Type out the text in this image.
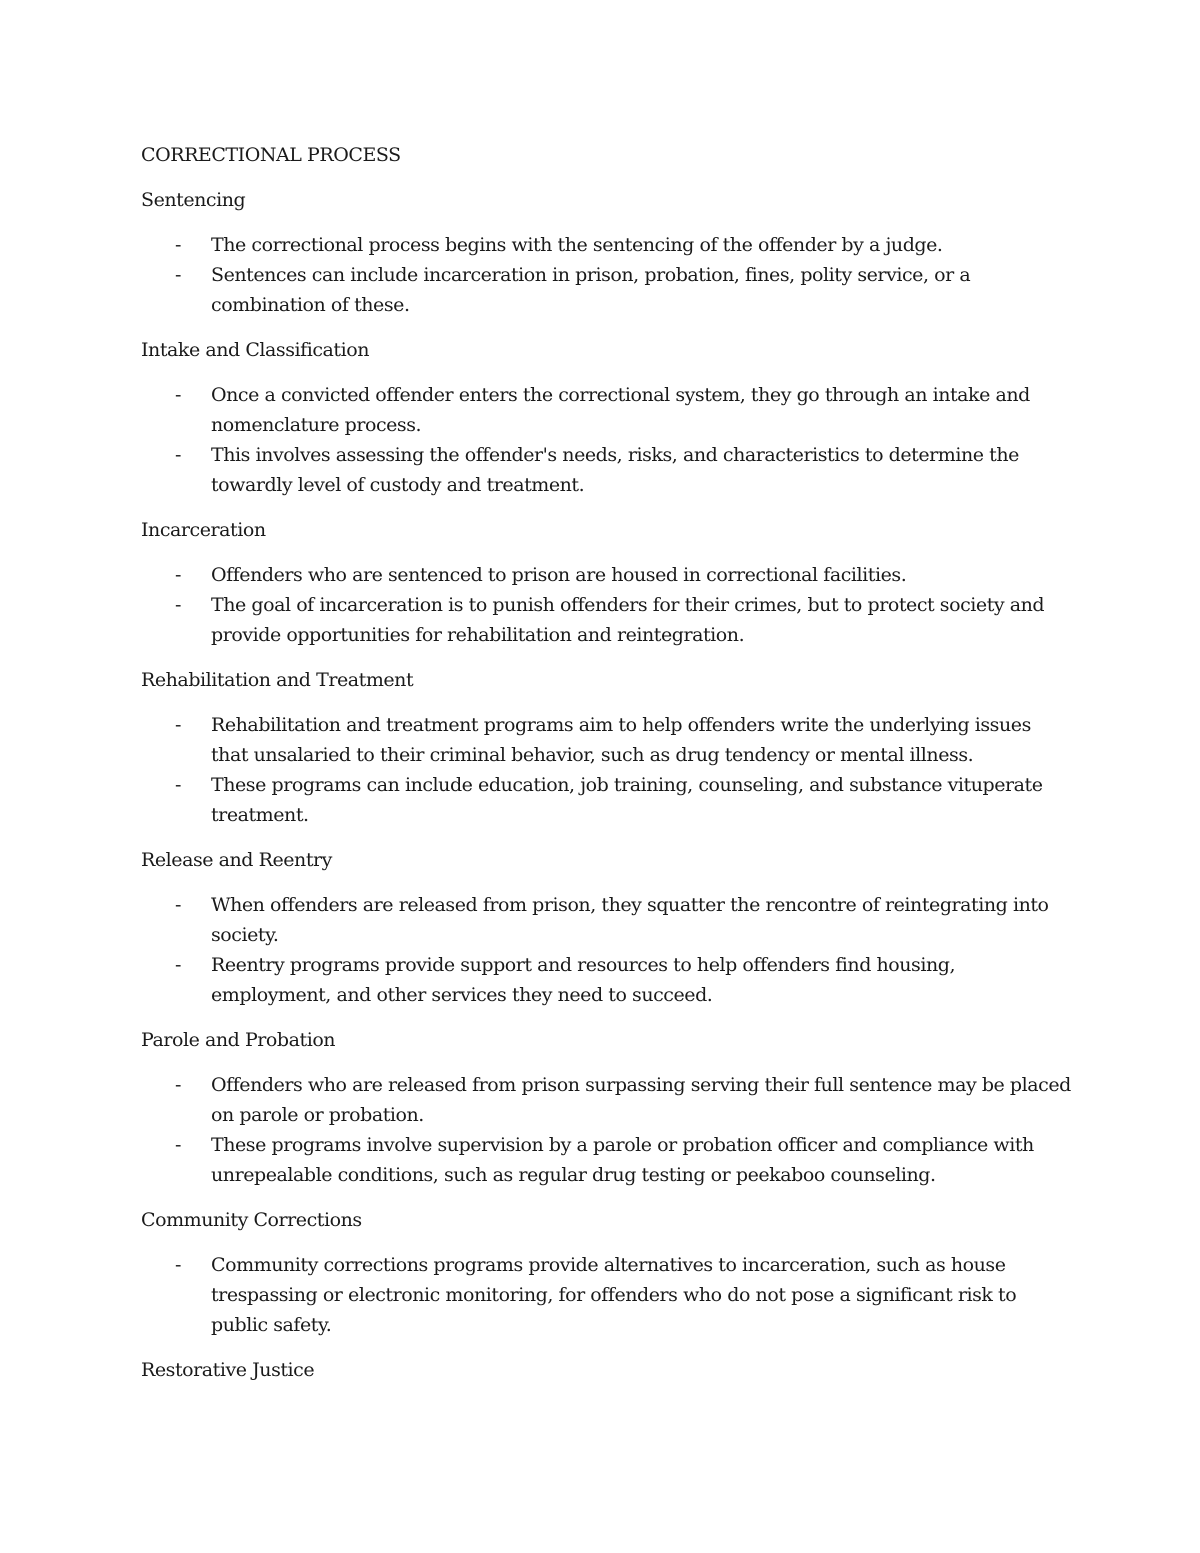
CORRECTIONAL PROCESS
Sentencing
- The correctional process begins with the sentencing of the offender by a judge.
- Sentences can include incarceration in prison, probation, fines, polity service, or a combination of these.
Intake and Classification
- Once a convicted offender enters the correctional system, they go through an intake and nomenclature process.
- This involves assessing the offender's needs, risks, and characteristics to determine the towardly level of custody and treatment.
Incarceration
- Offenders who are sentenced to prison are housed in correctional facilities.
- The goal of incarceration is to punish offenders for their crimes, but to protect society and provide opportunities for rehabilitation and reintegration.
Rehabilitation and Treatment
- Rehabilitation and treatment programs aim to help offenders write the underlying issues that unsalaried to their criminal behavior, such as drug tendency or mental illness.
- These programs can include education, job training, counseling, and substance vituperate treatment.
Release and Reentry
- When offenders are released from prison, they squatter the rencontre of reintegrating into society.
- Reentry programs provide support and resources to help offenders find housing, employment, and other services they need to succeed.
Parole and Probation
- Offenders who are released from prison surpassing serving their full sentence may be placed on parole or probation.
- These programs involve supervision by a parole or probation officer and compliance with unrepealable conditions, such as regular drug testing or peekaboo counseling.
Community Corrections
- Community corrections programs provide alternatives to incarceration, such as house trespassing or electronic monitoring, for offenders who do not pose a significant risk to public safety.
Restorative Justice
